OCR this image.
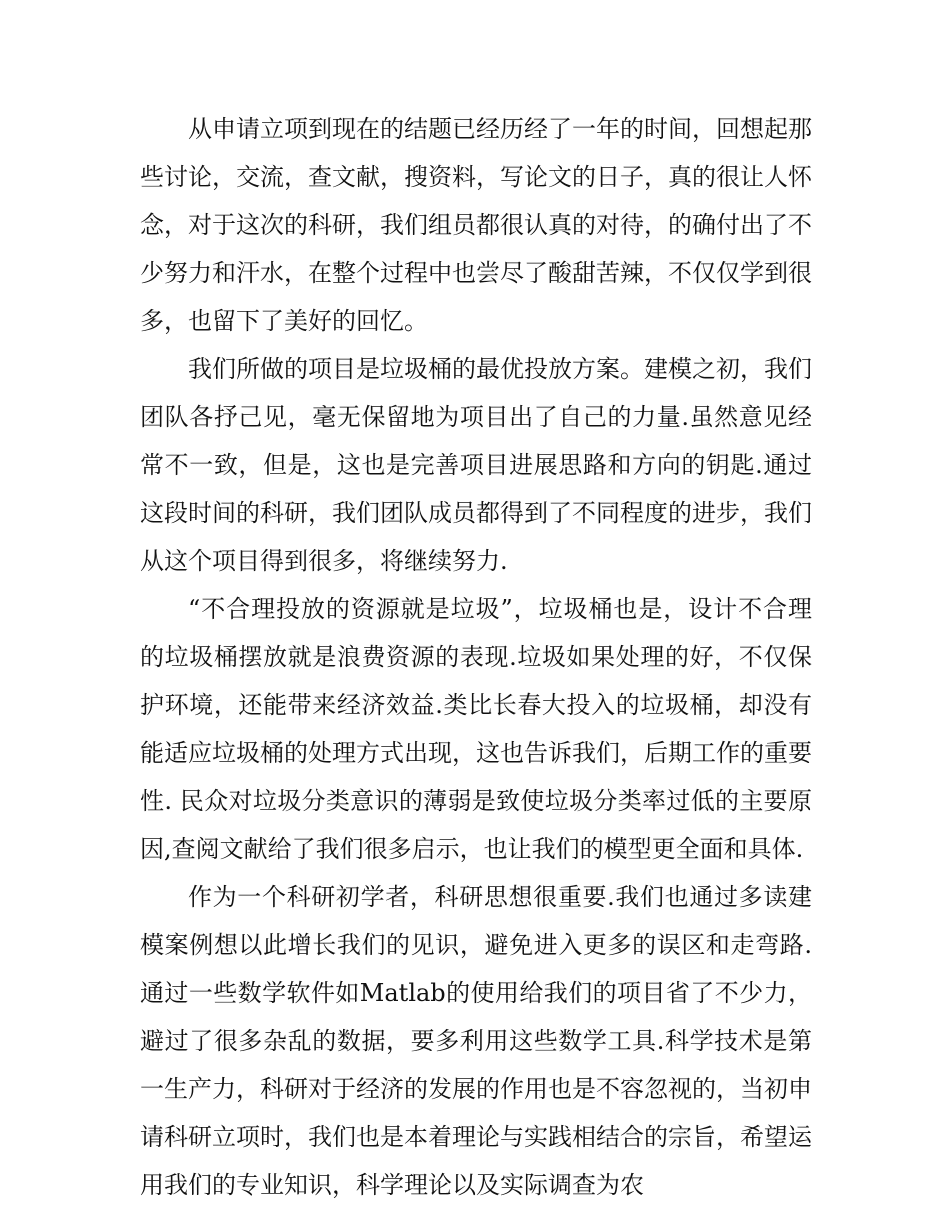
从申请立项到现在的结题已经历经了一年的时间，回想起那些讨论，交流，查文献，搜资料，写论文的日子，真的很让人怀念，对于这次的科研，我们组员都很认真的对待，的确付出了不少努力和汗水，在整个过程中也尝尽了酸甜苦辣，不仅仅学到很多，也留下了美好的回忆。

我们所做的项目是垃圾桶的最优投放方案。建模之初，我们团队各抒己见，毫无保留地为项目出了自己的力量.虽然意见经常不一致，但是，这也是完善项目进展思路和方向的钥匙.通过这段时间的科研，我们团队成员都得到了不同程度的进步，我们从这个项目得到很多，将继续努力.

“不合理投放的资源就是垃圾”，垃圾桶也是，设计不合理的垃圾桶摆放就是浪费资源的表现.垃圾如果处理的好，不仅保护环境，还能带来经济效益.类比长春大投入的垃圾桶，却没有能适应垃圾桶的处理方式出现，这也告诉我们，后期工作的重要性. 民众对垃圾分类意识的薄弱是致使垃圾分类率过低的主要原因,查阅文献给了我们很多启示，也让我们的模型更全面和具体.

作为一个科研初学者，科研思想很重要.我们也通过多读建模案例想以此增长我们的见识，避免进入更多的误区和走弯路. 通过一些数学软件如Matlab的使用给我们的项目省了不少力，避过了很多杂乱的数据，要多利用这些数学工具.科学技术是第一生产力，科研对于经济的发展的作用也是不容忽视的，当初申请科研立项时，我们也是本着理论与实践相结合的宗旨，希望运用我们的专业知识，科学理论以及实际调查为农
